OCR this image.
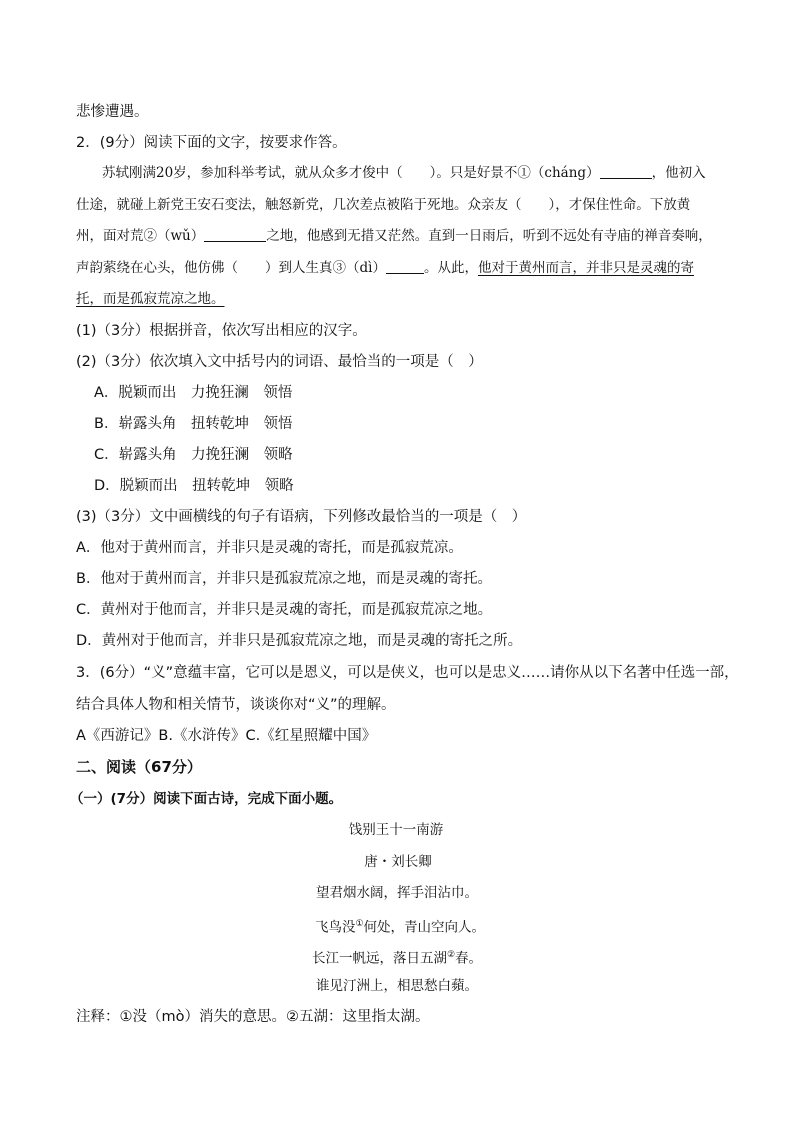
悲惨遭遇。
2．(9分）阅读下面的文字，按要求作答。
苏轼刚满20岁，参加科举考试，就从众多才俊中（　　）。只是好景不①（cháng）	，他初入
仕途，就碰上新党王安石变法，触怒新党，几次差点被陷于死地。众亲友（　　），才保住性命。下放黄
州，面对荒②（wǔ）	之地，他感到无措又茫然。直到一日雨后，听到不远处有寺庙的禅音奏响，
声韵萦绕在心头，他仿佛（　　）到人生真③（dì）	。从此，他对于黄州而言，并非只是灵魂的寄
托，而是孤寂荒凉之地。
(1)（3分）根据拼音，依次写出相应的汉字。
(2)（3分）依次填入文中括号内的词语、最恰当的一项是（　）
A．脱颖而出　力挽狂澜　领悟
B．崭露头角　扭转乾坤　领悟
C．崭露头角　力挽狂澜　领略
D．脱颖而出　扭转乾坤　领略
(3)（3分）文中画横线的句子有语病，下列修改最恰当的一项是（　）
A．他对于黄州而言，并非只是灵魂的寄托，而是孤寂荒凉。
B．他对于黄州而言，并非只是孤寂荒凉之地，而是灵魂的寄托。
C．黄州对于他而言，并非只是灵魂的寄托，而是孤寂荒凉之地。
D．黄州对于他而言，并非只是孤寂荒凉之地，而是灵魂的寄托之所。
3．(6分）“义”意蕴丰富，它可以是恩义，可以是侠义，也可以是忠义……请你从以下名著中任选一部，
结合具体人物和相关情节，谈谈你对“义”的理解。
A《西游记》B.《水浒传》C.《红星照耀中国》
二、阅读（67分）
（一）(7分）阅读下面古诗，完成下面小题。
饯别王十一南游
唐・刘长卿
望君烟水阔，挥手泪沾巾。
飞鸟没①何处，青山空向人。
长江一帆远，落日五湖②春。
谁见汀洲上，相思愁白蘋。
注释：①没（mò）消失的意思。②五湖：这里指太湖。
